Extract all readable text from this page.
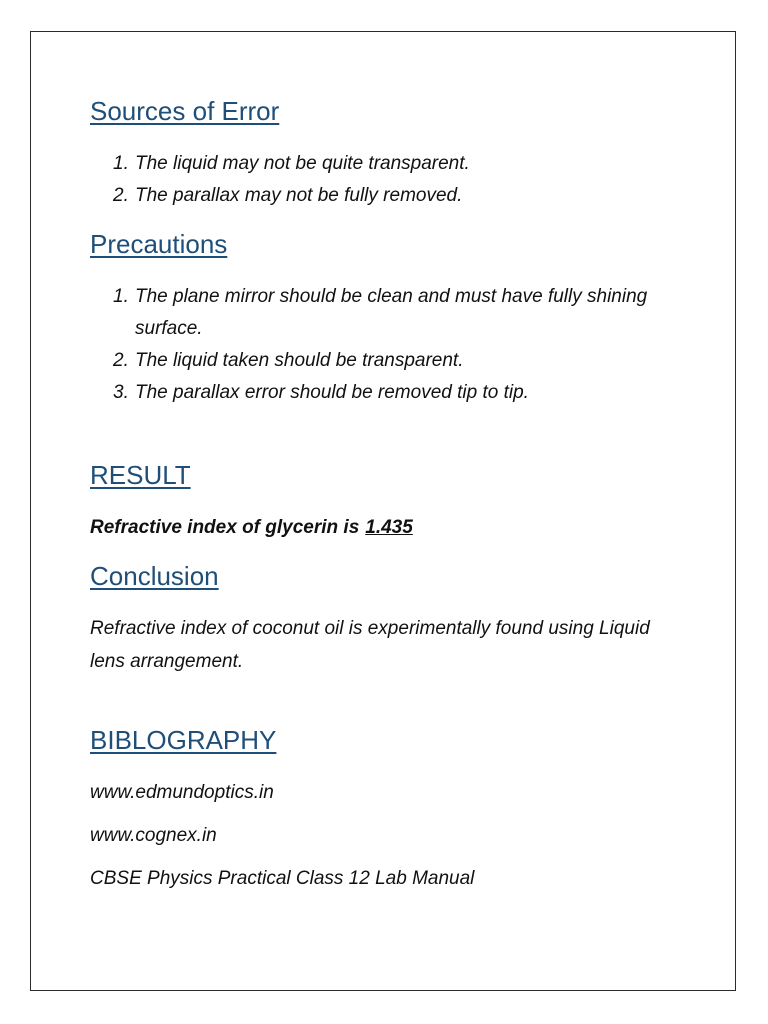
Sources of Error
1. The liquid may not be quite transparent.
2. The parallax may not be fully removed.
Precautions
1. The plane mirror should be clean and must have fully shining surface.
2. The liquid taken should be transparent.
3. The parallax error should be removed tip to tip.
RESULT

Refractive index of glycerin is 1.435

Conclusion

Refractive index of coconut oil is experimentally found using Liquid lens arrangement.

BIBLOGRAPHY

www.edmundoptics.in

www.cognex.in

CBSE Physics Practical Class 12 Lab Manual
